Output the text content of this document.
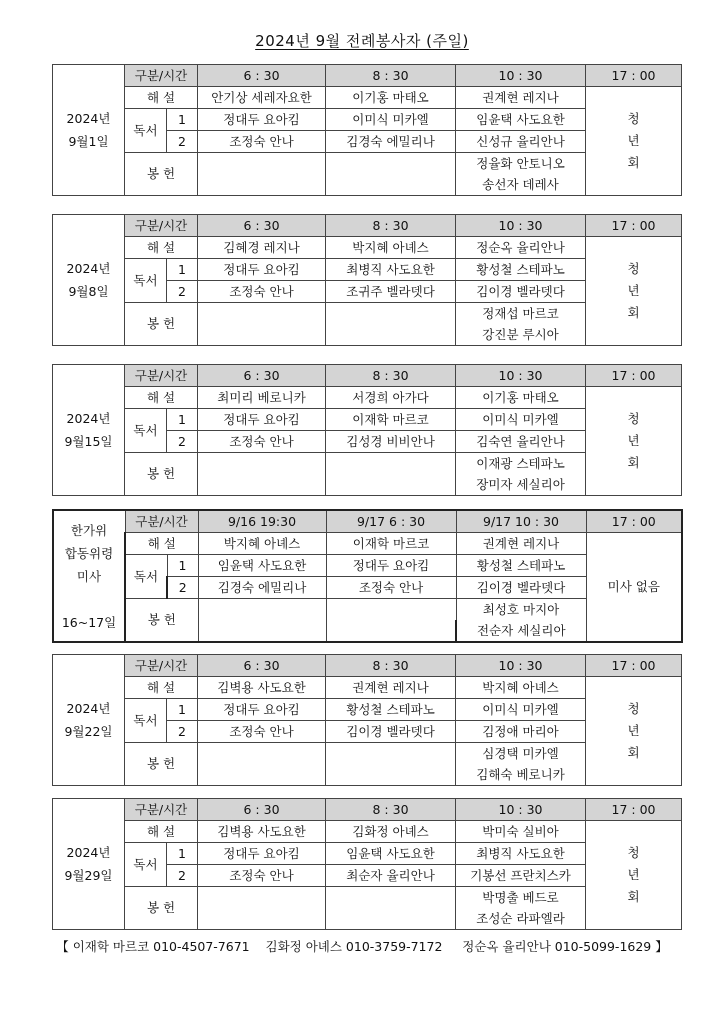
2024년 9월 전례봉사자 (주일)
2024년
9월1일	구분/시간		6 : 30	8 : 30	10 : 30	17 : 00
	해 설		안기상 세레자요한	이기홍 마태오	권계현 레지나	청
년
회

	독서	1	정대두 요아킴	이미식 미카엘	임윤택 사도요한	
		2	조정숙 안나	김경숙 에밀리나	신성규 율리안나	
	봉 헌				정율화 안토니오	
					송선자 데레사	
2024년
9월8일	구분/시간		6 : 30	8 : 30	10 : 30	17 : 00
	해 설		김혜경 레지나	박지혜 아녜스	정순옥 율리안나	청
년
회

	독서	1	정대두 요아킴	최병직 사도요한	황성철 스테파노	
		2	조정숙 안나	조귀주 벨라뎃다	김이경 벨라뎃다	
	봉 헌				정재섭 마르코	
					강진분 루시아	
2024년
9월15일	구분/시간		6 : 30	8 : 30	10 : 30	17 : 00
	해 설		최미리 베로니카	서경희 아가다	이기홍 마태오	청
년
회

	독서	1	정대두 요아킴	이재학 마르코	이미식 미카엘	
		2	조정숙 안나	김성경 비비안나	김숙연 율리안나	
	봉 헌				이재광 스테파노	
					장미자 세실리아	
한가위
합동위령
미사

16~17일	구분/시간		9/16 19:30	9/17 6 : 30	9/17 10 : 30	17 : 00
	해 설		박지혜 아녜스	이재학 마르코	권계현 레지나	미사 없음

	독서	1	임윤택 사도요한	정대두 요아킴	황성철 스테파노	
		2	김경숙 에밀리나	조정숙 안나	김이경 벨라뎃다	
	봉 헌				최성호 마지아	
					전순자 세실리아	
2024년
9월22일	구분/시간		6 : 30	8 : 30	10 : 30	17 : 00
	해 설		김벽용 사도요한	권계현 레지나	박지혜 아녜스	청
년
회

	독서	1	정대두 요아킴	황성철 스테파노	이미식 미카엘	
		2	조정숙 안나	김이경 벨라뎃다	김정애 마리아	
	봉 헌				심경택 미카엘	
					김해숙 베로니카	
2024년
9월29일	구분/시간		6 : 30	8 : 30	10 : 30	17 : 00
	해 설		김벽용 사도요한	김화정 아녜스	박미숙 실비아	청
년
회

	독서	1	정대두 요아킴	임윤택 사도요한	최병직 사도요한	
		2	조정숙 안나	최순자 율리안나	기봉선 프란치스카	
	봉 헌				박명출 베드로	
					조성순 라파엘라	
【 이재학 마르코 010-4507-7671    김화정 아녜스 010-3759-7172     정순옥 율리안나 010-5099-1629 】
